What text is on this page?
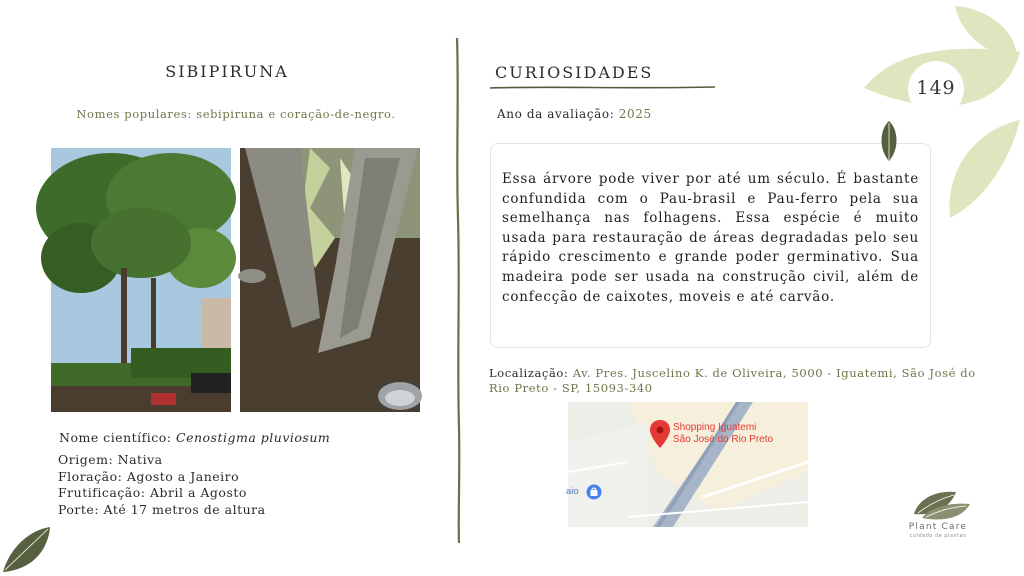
SIBIPIRUNA
Nomes populares: sebipiruna e coração-de-negro.
Nome científico: Cenostigma pluviosum
Origem: Nativa
Floração: Agosto a Janeiro
Frutificação: Abril a Agosto
Porte: Até 17 metros de altura
CURIOSIDADES
Ano da avaliação: 2025
Essa árvore pode viver por até um século. É bastante confundida com o Pau-brasil e Pau-ferro pela sua semelhança nas folhagens. Essa espécie é muito usada para restauração de áreas degradadas pelo seu rápido crescimento e grande poder germinativo. Sua madeira pode ser usada na construção civil, além de confecção de caixotes, moveis e até carvão.
Localização: Av. Pres. Juscelino K. de Oliveira, 5000 - Iguatemi, São José do Rio Preto - SP, 15093-340
Shopping Iguatemi
São José do Rio Preto
aio
149
Plant Care
cuidado de plantas
